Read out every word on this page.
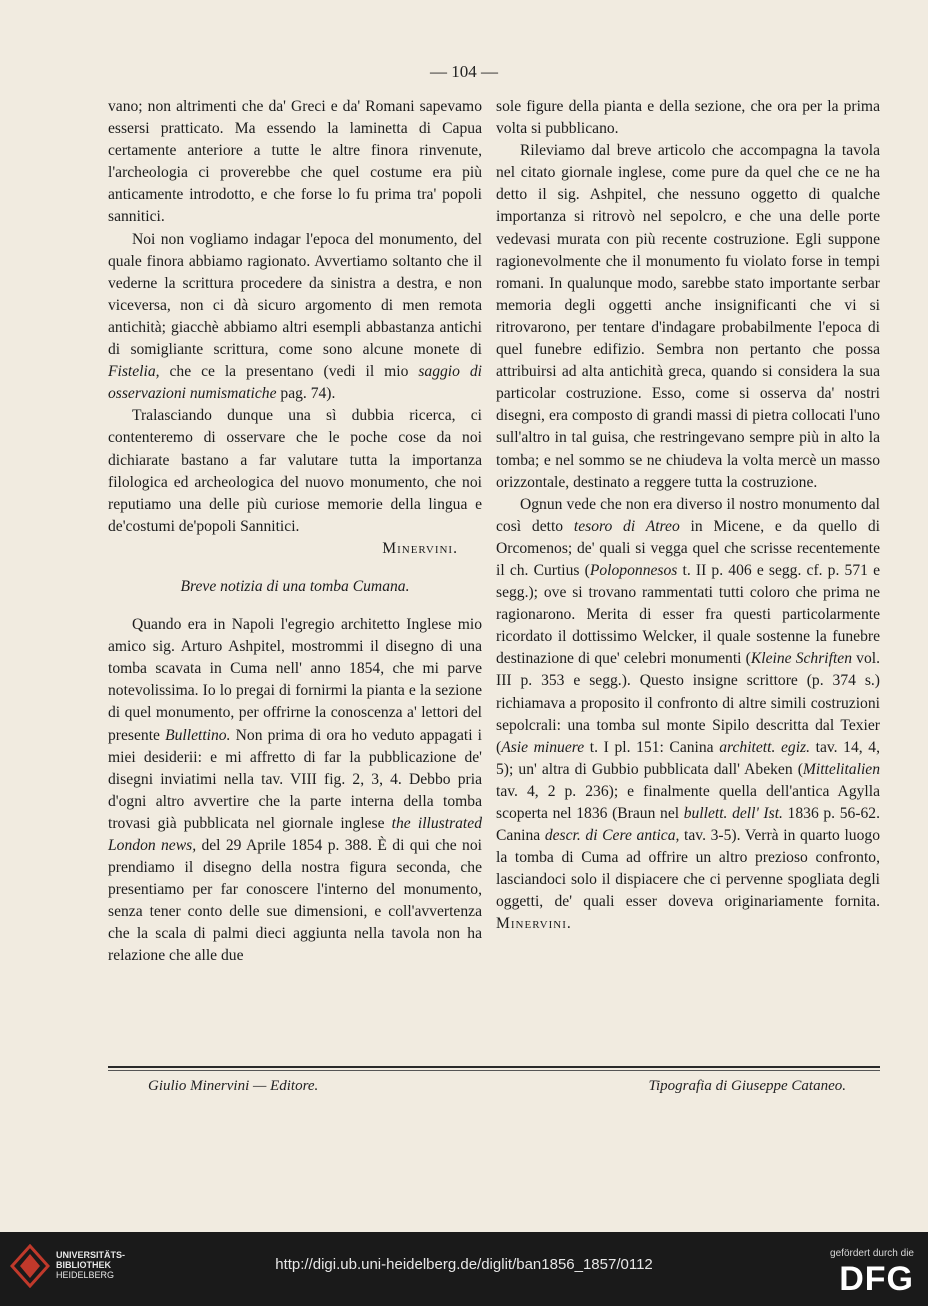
— 104 —

vano; non altrimenti che da' Greci e da' Romani sapevamo essersi pratticato. Ma essendo la laminetta di Capua certamente anteriore a tutte le altre finora rinvenute, l'archeologia ci proverebbe che quel costume era più anticamente introdotto, e che forse lo fu prima tra' popoli sannitici.

Noi non vogliamo indagar l'epoca del monumento, del quale finora abbiamo ragionato. Avvertiamo soltanto che il vederne la scrittura procedere da sinistra a destra, e non viceversa, non ci dà sicuro argomento di men remota antichità; giacchè abbiamo altri esempli abbastanza antichi di somigliante scrittura, come sono alcune monete di Fistelia, che ce la presentano (vedi il mio saggio di osservazioni numismatiche pag. 74).

Tralasciando dunque una sì dubbia ricerca, ci contenteremo di osservare che le poche cose da noi dichiarate bastano a far valutare tutta la importanza filologica ed archeologica del nuovo monumento, che noi reputiamo una delle più curiose memorie della lingua e de'costumi de'popoli Sannitici.

Minervini.

Breve notizia di una tomba Cumana.

Quando era in Napoli l'egregio architetto Inglese mio amico sig. Arturo Ashpitel, mostrommi il disegno di una tomba scavata in Cuma nell' anno 1854, che mi parve notevolissima. Io lo pregai di fornirmi la pianta e la sezione di quel monumento, per offrirne la conoscenza a' lettori del presente Bullettino. Non prima di ora ho veduto appagati i miei desiderii: e mi affretto di far la pubblicazione de' disegni inviatimi nella tav. VIII fig. 2, 3, 4. Debbo pria d'ogni altro avvertire che la parte interna della tomba trovasi già pubblicata nel giornale inglese the illustrated London news, del 29 Aprile 1854 p. 388. È di qui che noi prendiamo il disegno della nostra figura seconda, che presentiamo per far conoscere l'interno del monumento, senza tener conto delle sue dimensioni, e coll'avvertenza che la scala di palmi dieci aggiunta nella tavola non ha relazione che alle due

sole figure della pianta e della sezione, che ora per la prima volta si pubblicano.

Rileviamo dal breve articolo che accompagna la tavola nel citato giornale inglese, come pure da quel che ce ne ha detto il sig. Ashpitel, che nessuno oggetto di qualche importanza si ritrovò nel sepolcro, e che una delle porte vedevasi murata con più recente costruzione. Egli suppone ragionevolmente che il monumento fu violato forse in tempi romani. In qualunque modo, sarebbe stato importante serbar memoria degli oggetti anche insignificanti che vi si ritrovarono, per tentare d'indagare probabilmente l'epoca di quel funebre edifizio. Sembra non pertanto che possa attribuirsi ad alta antichità greca, quando si considera la sua particolar costruzione. Esso, come si osserva da' nostri disegni, era composto di grandi massi di pietra collocati l'uno sull'altro in tal guisa, che restringevano sempre più in alto la tomba; e nel sommo se ne chiudeva la volta mercè un masso orizzontale, destinato a reggere tutta la costruzione.

Ognun vede che non era diverso il nostro monumento dal così detto tesoro di Atreo in Micene, e da quello di Orcomenos; de' quali si vegga quel che scrisse recentemente il ch. Curtius (Poloponnesos t. II p. 406 e segg. cf. p. 571 e segg.); ove si trovano rammentati tutti coloro che prima ne ragionarono. Merita di esser fra questi particolarmente ricordato il dottissimo Welcker, il quale sostenne la funebre destinazione di que' celebri monumenti (Kleine Schriften vol. III p. 353 e segg.). Questo insigne scrittore (p. 374 s.) richiamava a proposito il confronto di altre simili costruzioni sepolcrali: una tomba sul monte Sipilo descritta dal Texier (Asie minuere t. I pl. 151: Canina architett. egiz. tav. 14, 4, 5); un' altra di Gubbio pubblicata dall' Abeken (Mittelitalien tav. 4, 2 p. 236); e finalmente quella dell'antica Agylla scoperta nel 1836 (Braun nel bullett. dell' Ist. 1836 p. 56-62. Canina descr. di Cere antica, tav. 3-5). Verrà in quarto luogo la tomba di Cuma ad offrire un altro prezioso confronto, lasciandoci solo il dispiacere che ci pervenne spogliata degli oggetti, de' quali esser doveva originariamente fornita. Minervini.

Giulio Minervini — Editore.	Tipografia di Giuseppe Cataneo.
UNIVERSITÄTS-
BIBLIOTHEK
HEIDELBERG
http://digi.ub.uni-heidelberg.de/diglit/ban1856_1857/0112
gefördert durch die
DFG
